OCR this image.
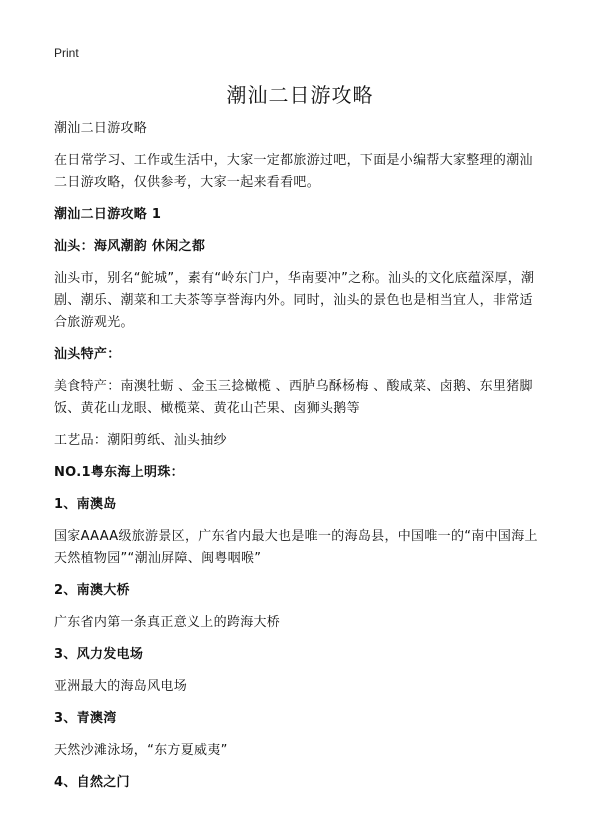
Print
潮汕二日游攻略

潮汕二日游攻略

在日常学习、工作或生活中，大家一定都旅游过吧，下面是小编帮大家整理的潮汕二日游攻略，仅供参考，大家一起来看看吧。

潮汕二日游攻略 1

汕头：海风潮韵 休闲之都

汕头市，别名“鮀城”，素有“岭东门户，华南要冲”之称。汕头的文化底蕴深厚，潮剧、潮乐、潮菜和工夫茶等享誉海内外。同时，汕头的景色也是相当宜人，非常适合旅游观光。

汕头特产：

美食特产：南澳牡蛎 、金玉三捻橄榄 、西胪乌酥杨梅 、酸咸菜、卤鹅、东里猪脚饭、黄花山龙眼、橄榄菜、黄花山芒果、卤狮头鹅等

工艺品：潮阳剪纸、汕头抽纱

NO.1粤东海上明珠：

1、南澳岛

国家AAAA级旅游景区，广东省内最大也是唯一的海岛县，中国唯一的“南中国海上天然植物园”“潮汕屏障、闽粤咽喉”

2、南澳大桥

广东省内第一条真正意义上的跨海大桥

3、风力发电场

亚洲最大的海岛风电场

3、青澳湾

天然沙滩泳场，“东方夏威夷”

4、自然之门
